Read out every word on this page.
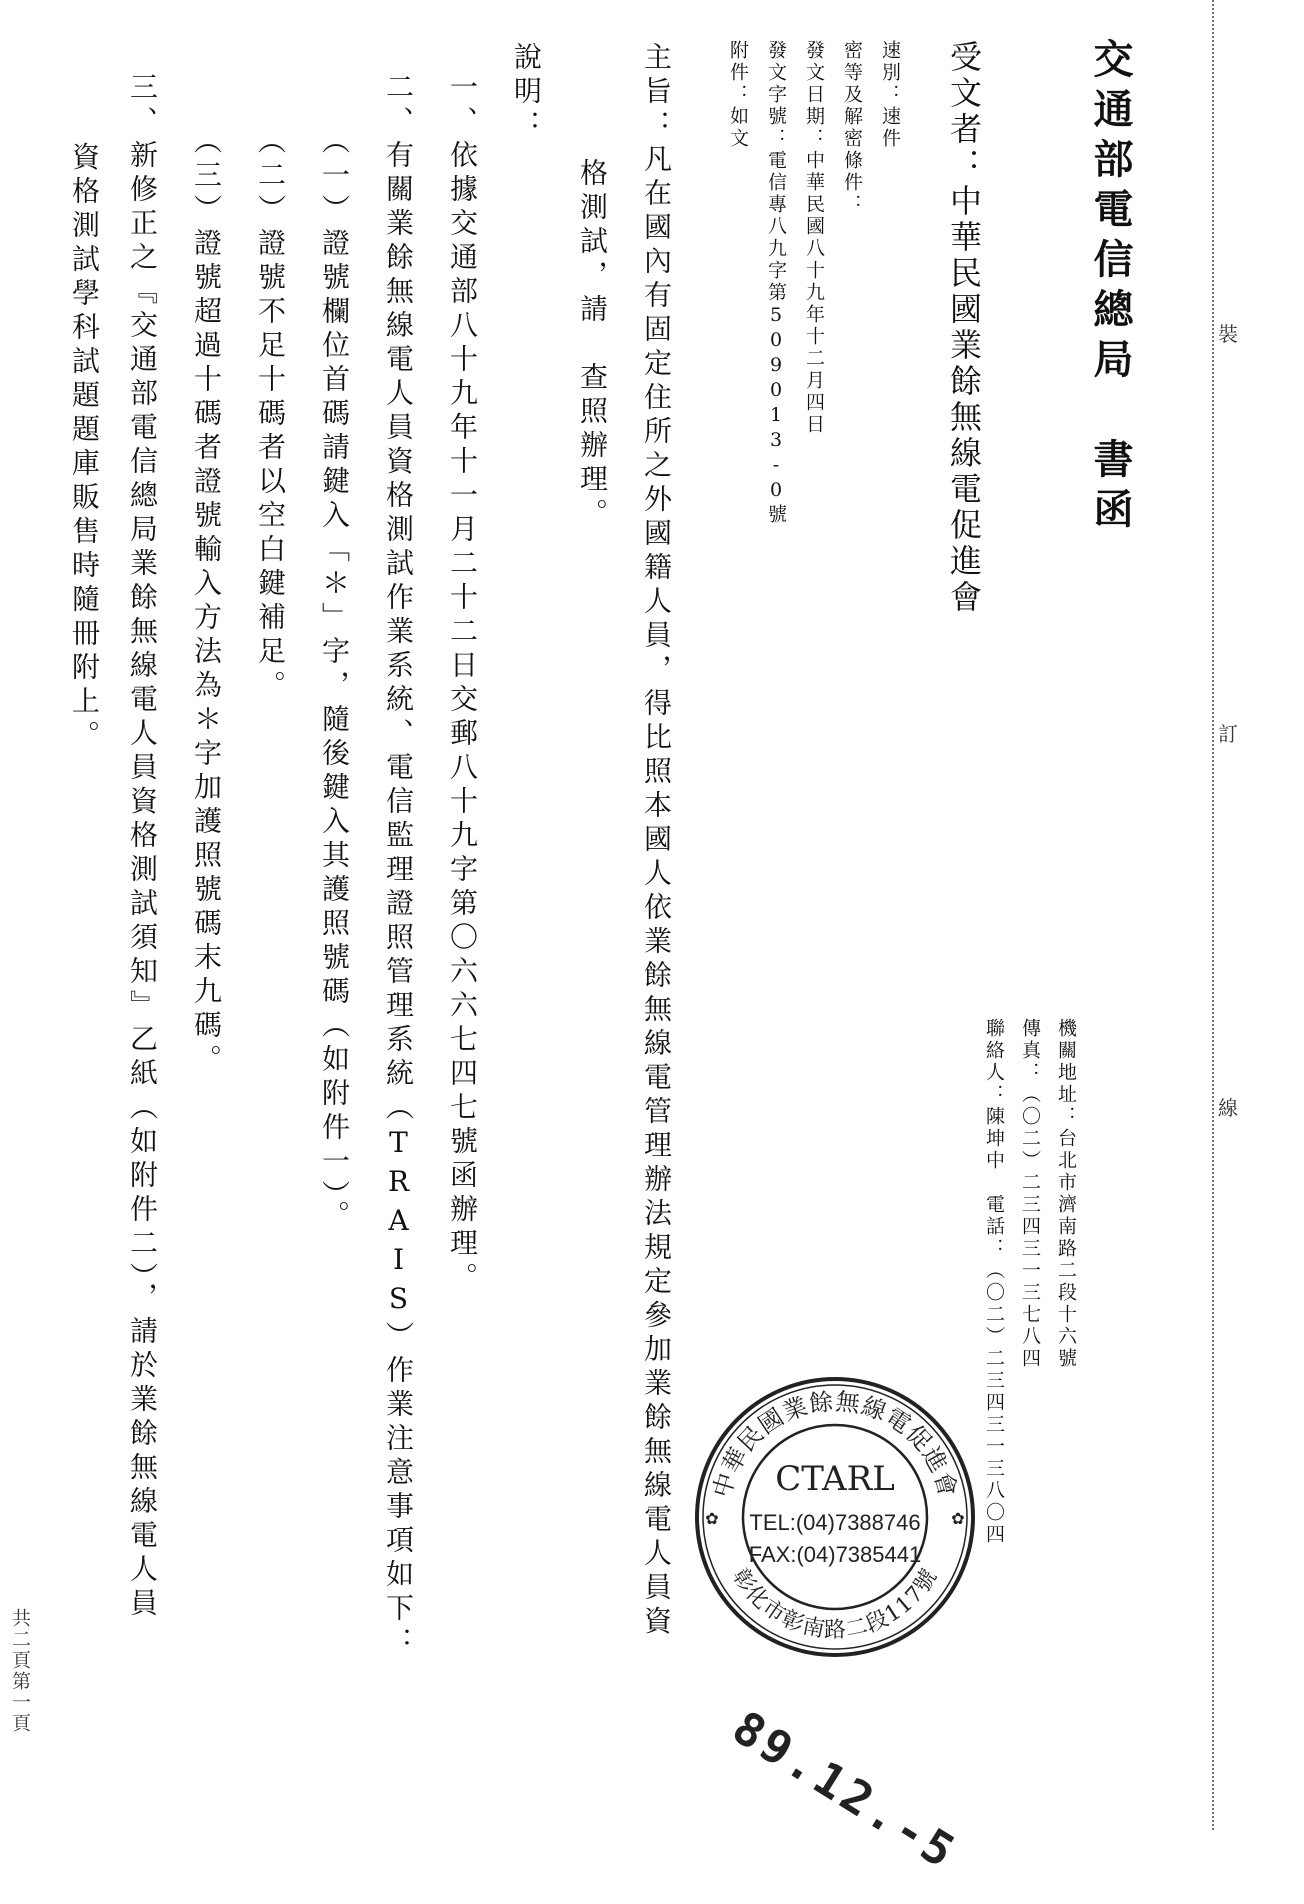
裝
訂
線
交通部電信總局　書函
受文者：中華民國業餘無線電促進會
速別：速件
密等及解密條件：
發文日期：中華民國八十九年十二月四日
發文字號：電信專八九字第509013-0號
附件：如文
機關地址：台北市濟南路二段十六號
傳真：（〇二）二三四三一三七八四
聯絡人：陳坤中　電話：（〇二）二三四三一三八〇四
主旨：凡在國內有固定住所之外國籍人員，得比照本國人依業餘無線電管理辦法規定參加業餘無線電人員資
格測試，請　查照辦理。
說明：
一、依據交通部八十九年十一月二十二日交郵八十九字第〇六六七四七號函辦理。
二、有關業餘無線電人員資格測試作業系統、電信監理證照管理系統（TRAIS）作業注意事項如下：
（一）證號欄位首碼請鍵入「＊」字，隨後鍵入其護照號碼（如附件一）。
（二）證號不足十碼者以空白鍵補足。
（三）證號超過十碼者證號輸入方法為＊字加護照號碼末九碼。
三、新修正之『交通部電信總局業餘無線電人員資格測試須知』乙紙（如附件二），請於業餘無線電人員
資格測試學科試題題庫販售時隨冊附上。
共二頁第一頁
中華民國業餘無線電促進會
彰化市彰南路二段117號
CTARL
TEL:(04)7388746
FAX:(04)7385441
✿	✿
89.12.-5
